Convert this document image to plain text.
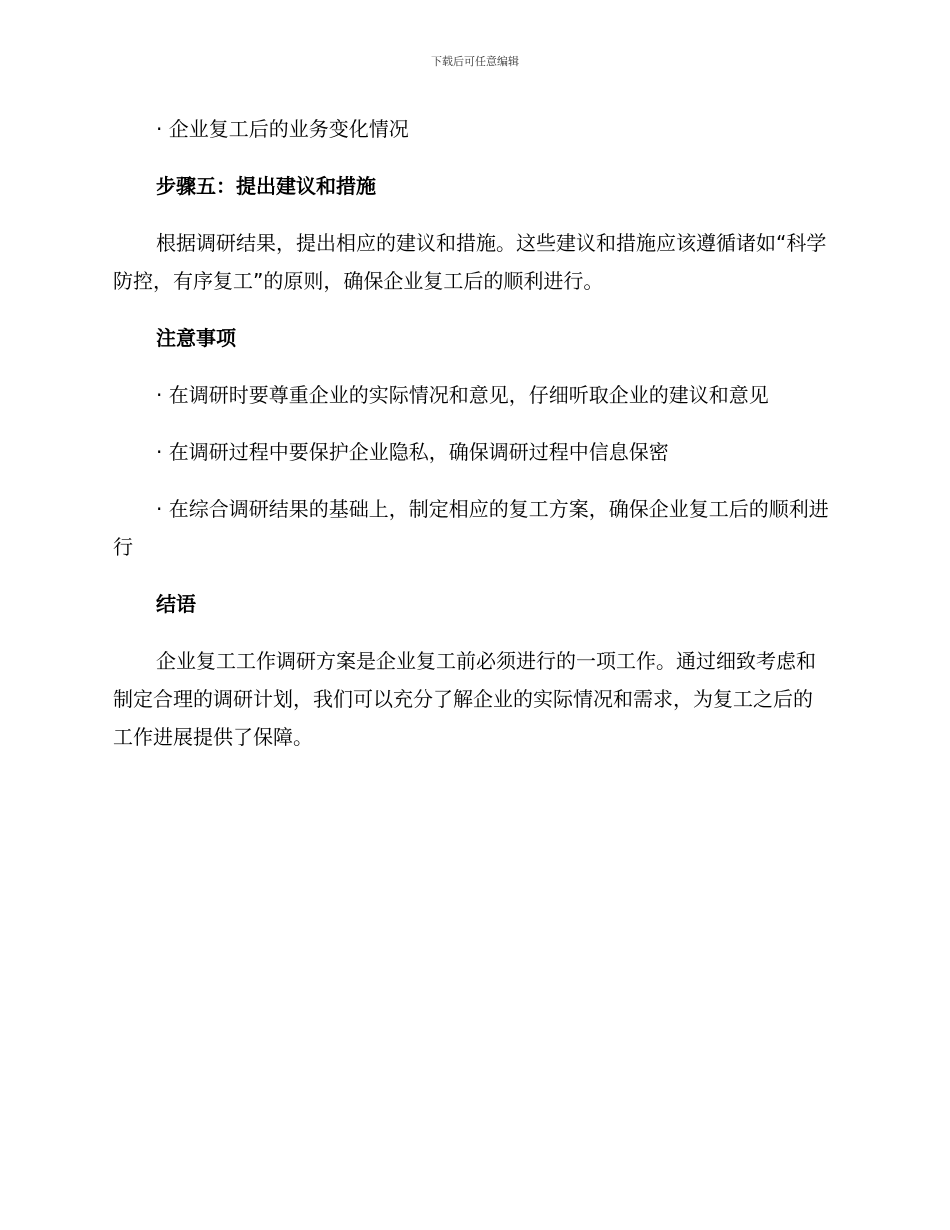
下载后可任意编辑

· 企业复工后的业务变化情况

步骤五：提出建议和措施

根据调研结果，提出相应的建议和措施。这些建议和措施应该遵循诸如“科学防控，有序复工”的原则，确保企业复工后的顺利进行。

注意事项

· 在调研时要尊重企业的实际情况和意见，仔细听取企业的建议和意见

· 在调研过程中要保护企业隐私，确保调研过程中信息保密

· 在综合调研结果的基础上，制定相应的复工方案，确保企业复工后的顺利进行

结语

企业复工工作调研方案是企业复工前必须进行的一项工作。通过细致考虑和制定合理的调研计划，我们可以充分了解企业的实际情况和需求，为复工之后的工作进展提供了保障。
